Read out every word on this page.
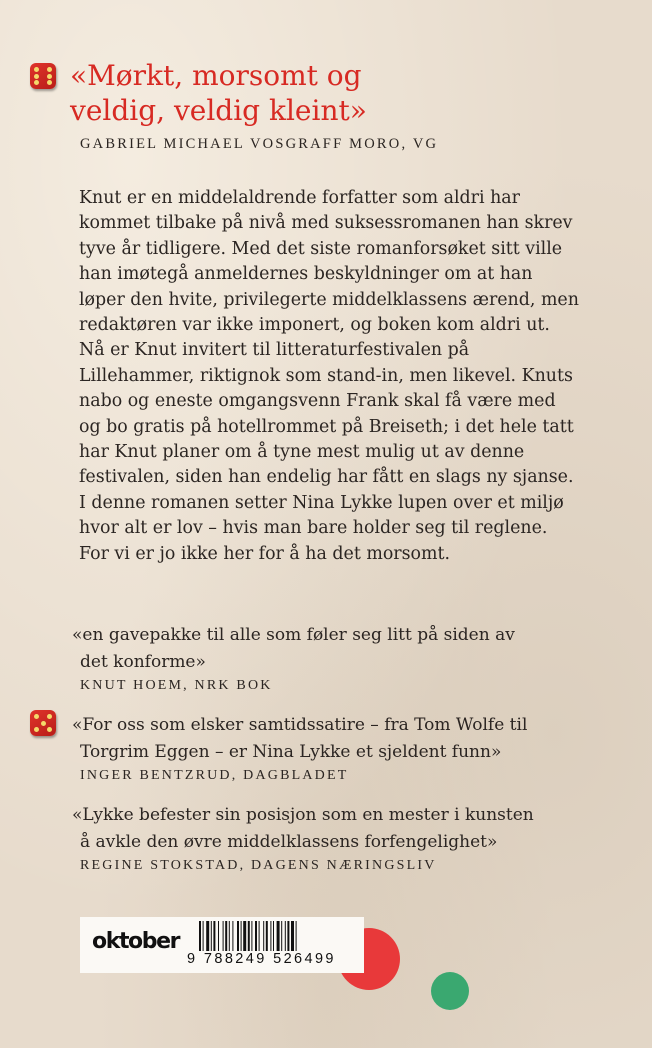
«Mørkt, morsomt og veldig, veldig kleint»
GABRIEL MICHAEL VOSGRAFF MORO, VG
Knut er en middelaldrende forfatter som aldri har kommet tilbake på nivå med suksessromanen han skrev tyve år tidligere. Med det siste romanforsøket sitt ville han imøtegå anmeldernes beskyldninger om at han løper den hvite, privilegerte middelklassens ærend, men redaktøren var ikke imponert, og boken kom aldri ut. Nå er Knut invitert til litteraturfestivalen på Lillehammer, riktignok som stand-in, men likevel. Knuts nabo og eneste omgangsvenn Frank skal få være med og bo gratis på hotellrommet på Breiseth; i det hele tatt har Knut planer om å tyne mest mulig ut av denne festivalen, siden han endelig har fått en slags ny sjanse. I denne romanen setter Nina Lykke lupen over et miljø hvor alt er lov – hvis man bare holder seg til reglene. For vi er jo ikke her for å ha det morsomt.
«en gavepakke til alle som føler seg litt på siden av
det konforme»
KNUT HOEM, NRK BOK
«For oss som elsker samtidssatire – fra Tom Wolfe til
Torgrim Eggen – er Nina Lykke et sjeldent funn»
INGER BENTZRUD, DAGBLADET
«Lykke befester sin posisjon som en mester i kunsten
å avkle den øvre middelklassens forfengelighet»
REGINE STOKSTAD, DAGENS NÆRINGSLIV
oktober
9 788249 526499
